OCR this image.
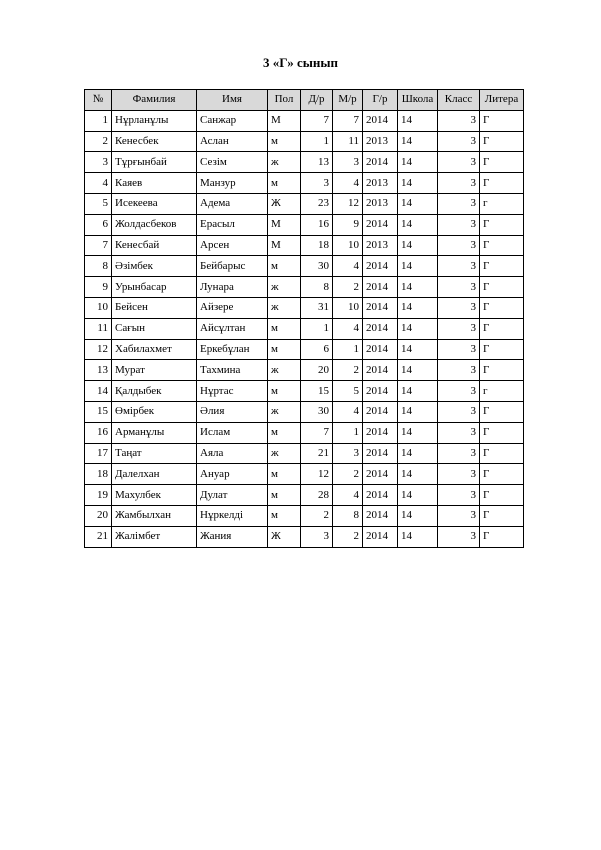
3 «Г» сынып
№	Фамилия	Имя	Пол	Д/р	М/р	Г/р	Школа	Класс	Литера
1	Нұрланұлы	Санжар	М	7	7	2014	14	3	Г
2	Кенесбек	Аслан	м	1	11	2013	14	3	Г
3	Тұрғынбай	Сезім	ж	13	3	2014	14	3	Г
4	Каяев	Манзур	м	3	4	2013	14	3	Г
5	Исекеева	Адема	Ж	23	12	2013	14	3	г
6	Жолдасбеков	Ерасыл	М	16	9	2014	14	3	Г
7	Кенесбай	Арсен	М	18	10	2013	14	3	Г
8	Әзімбек	Бейбарыс	м	30	4	2014	14	3	Г
9	Урынбасар	Лунара	ж	8	2	2014	14	3	Г
10	Бейсен	Айзере	ж	31	10	2014	14	3	Г
11	Сағын	Айсұлтан	м	1	4	2014	14	3	Г
12	Хабилахмет	Еркебұлан	м	6	1	2014	14	3	Г
13	Мурат	Тахмина	ж	20	2	2014	14	3	Г
14	Қалдыбек	Нұртас	м	15	5	2014	14	3	г
15	Өмірбек	Әлия	ж	30	4	2014	14	3	Г
16	Арманұлы	Ислам	м	7	1	2014	14	3	Г
17	Таңат	Аяла	ж	21	3	2014	14	3	Г
18	Далелхан	Ануар	м	12	2	2014	14	3	Г
19	Махулбек	Дулат	м	28	4	2014	14	3	Г
20	Жамбылхан	Нұркелді	м	2	8	2014	14	3	Г
21	Жалімбет	Жания	Ж	3	2	2014	14	3	Г
